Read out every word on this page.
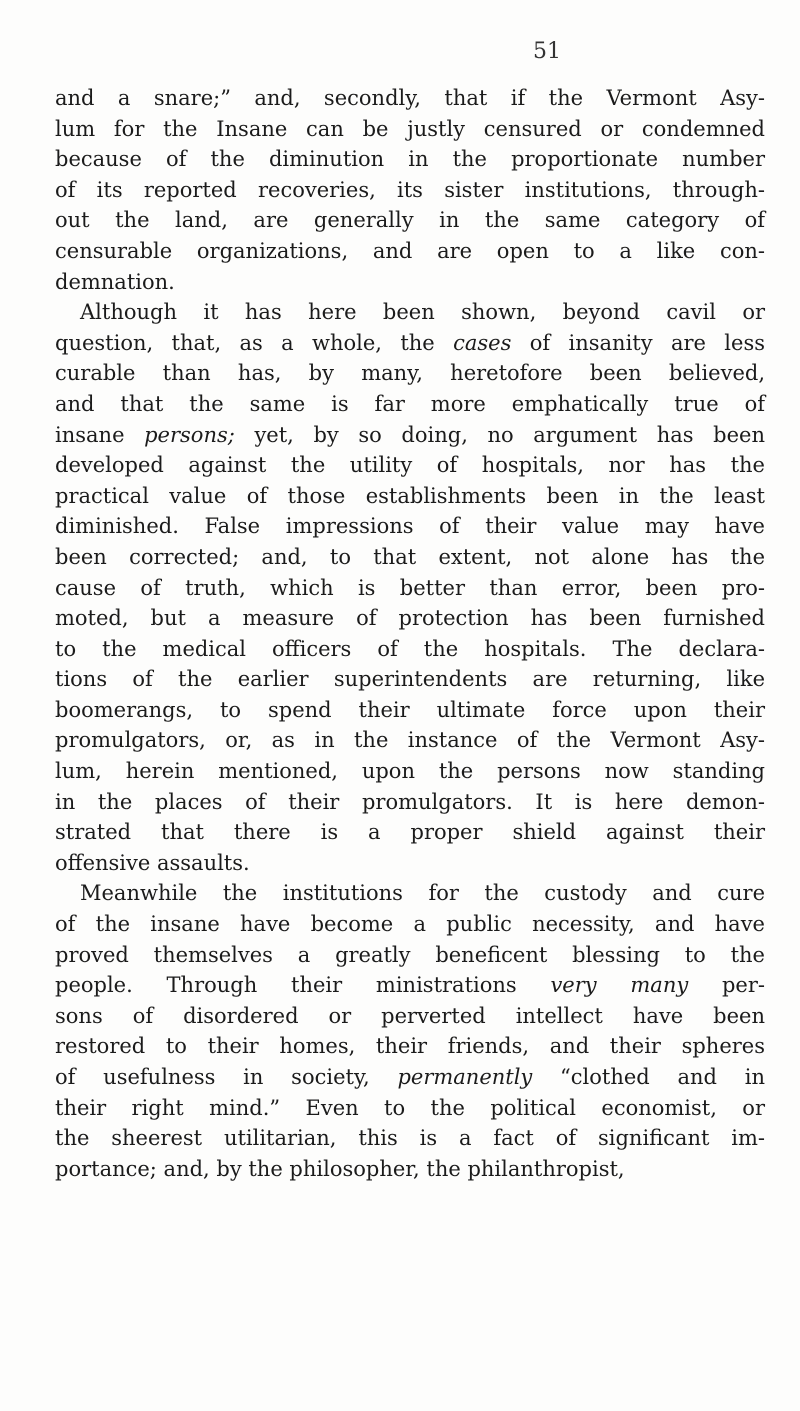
51
and a snare;” and, secondly, that if the Vermont Asy-
lum for the Insane can be justly censured or condemned
because of the diminution in the proportionate number
of its reported recoveries, its sister institutions, through-
out the land, are generally in the same category of
censurable organizations, and are open to a like con-
demnation.
Although it has here been shown, beyond cavil or
question, that, as a whole, the cases of insanity are less
curable than has, by many, heretofore been believed,
and that the same is far more emphatically true of
insane persons; yet, by so doing, no argument has been
developed against the utility of hospitals, nor has the
practical value of those establishments been in the least
diminished. False impressions of their value may have
been corrected; and, to that extent, not alone has the
cause of truth, which is better than error, been pro-
moted, but a measure of protection has been furnished
to the medical officers of the hospitals. The declara-
tions of the earlier superintendents are returning, like
boomerangs, to spend their ultimate force upon their
promulgators, or, as in the instance of the Vermont Asy-
lum, herein mentioned, upon the persons now standing
in the places of their promulgators. It is here demon-
strated that there is a proper shield against their
offensive assaults.
Meanwhile the institutions for the custody and cure
of the insane have become a public necessity, and have
proved themselves a greatly beneficent blessing to the
people. Through their ministrations very many per-
sons of disordered or perverted intellect have been
restored to their homes, their friends, and their spheres
of usefulness in society, permanently “clothed and in
their right mind.” Even to the political economist, or
the sheerest utilitarian, this is a fact of significant im-
portance; and, by the philosopher, the philanthropist,
